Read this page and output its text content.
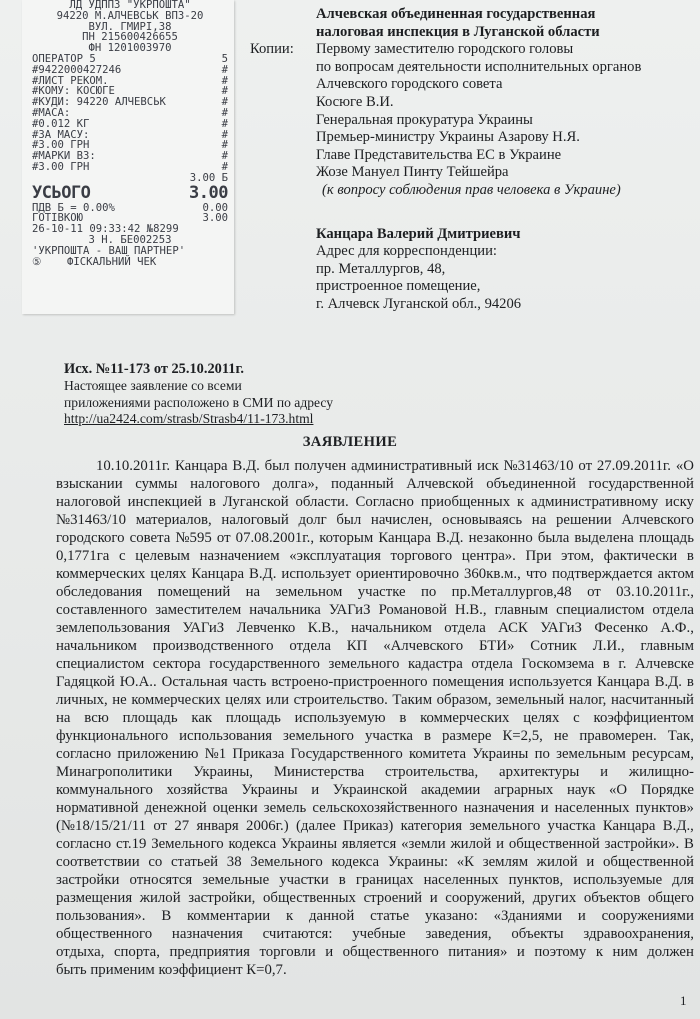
ЛД УДППЗ "УКРПОШТА"
94220 М.АЛЧЕВСЬК ВПЗ-20
ВУЛ. ГМИРІ,38
ПН 215600426655
ФН 1201003970
ОПЕРАТОР 5	5
#9422000427246	#
#ЛИСТ РЕКОМ.	#
#КОМУ: КОСЮГЕ	#
#КУДИ: 94220 АЛЧЕВСЬК	#
#МАСА:	#
#0.012 КГ	#
#ЗА МАСУ:	#
#3.00 ГРН	#
#МАРКИ ВЗ:	#
#3.00 ГРН	#
3.00 Б
УСЬОГО	3.00
ПДВ Б = 0.00%	0.00
ГОТІВКОЮ	3.00
26-10-11 09:33:42 №8299
3 Н. БЕ002253
'УКРПОШТА - ВАШ ПАРТНЕР'
⑤    ФІСКАЛЬНИЙ ЧЕК
Алчевская объединенная государственная
налоговая инспекция в Луганской области
Копии:	Первому заместителю городского головы
по вопросам деятельности исполнительных органов
Алчевского городского совета
Косюге В.И.
Генеральная прокуратура Украины
Премьер-министру Украины Азарову Н.Я.
Главе Представительства ЕС в Украине
Жозе Мануел Пинту Тейшейра
(к вопросу соблюдения прав человека в Украине)
Канцара Валерий Дмитриевич
Адрес для корреспонденции:
пр. Металлургов, 48,
пристроенное помещение,
г. Алчевск Луганской обл., 94206
Исх. №11-173 от 25.10.2011г.
Настоящее заявление со всеми
приложениями расположено в СМИ по адресу
http://ua2424.com/strasb/Strasb4/11-173.html
ЗАЯВЛЕНИЕ
10.10.2011г. Канцара В.Д. был получен административный иск №31463/10 от 27.09.2011г. «О
взыскании суммы налогового долга», поданный Алчевской объединенной государственной
налоговой инспекцией в Луганской области. Согласно приобщенных к административному иску
№31463/10 материалов, налоговый долг был начислен, основываясь на решении Алчевского
городского совета №595 от 07.08.2001г., которым Канцара В.Д. незаконно была выделена площадь
0,1771га с целевым назначением «эксплуатация торгового центра». При этом, фактически в
коммерческих целях Канцара В.Д. использует ориентировочно 360кв.м., что подтверждается актом
обследования помещений на земельном участке по пр.Металлургов,48 от 03.10.2011г.,
составленного заместителем начальника УАГиЗ Романовой Н.В., главным специалистом отдела
землепользования УАГиЗ Левченко К.В., начальником отдела АСК УАГиЗ Фесенко А.Ф.,
начальником производственного отдела КП «Алчевского БТИ» Сотник Л.И., главным
специалистом сектора государственного земельного кадастра отдела Госкомзема в г. Алчевске
Гадяцкой Ю.А.. Остальная часть встроено-пристроенного помещения используется Канцара В.Д. в
личных, не коммерческих целях или строительство. Таким образом, земельный налог, насчитанный
на всю площадь как площадь используемую в коммерческих целях с коэффициентом
функционального использования земельного участка в размере К=2,5, не правомерен. Так,
согласно приложению №1 Приказа Государственного комитета Украины по земельным ресурсам,
Минагрополитики Украины, Министерства строительства, архитектуры и жилищно-
коммунального хозяйства Украины и Украинской академии аграрных наук «О Порядке
нормативной денежной оценки земель сельскохозяйственного назначения и населенных пунктов»
(№18/15/21/11 от 27 января 2006г.) (далее Приказ) категория земельного участка Канцара В.Д.,
согласно ст.19 Земельного кодекса Украины является «земли жилой и общественной застройки». В
соответствии со статьей 38 Земельного кодекса Украины: «К землям жилой и общественной
застройки относятся земельные участки в границах населенных пунктов, используемые для
размещения жилой застройки, общественных строений и сооружений, других объектов общего
пользования». В комментарии к данной статье указано: «Зданиями и сооружениями
общественного назначения считаются: учебные заведения, объекты здравоохранения,
отдыха, спорта, предприятия торговли и общественного питания» и поэтому к ним должен
быть применим коэффициент К=0,7.
1
